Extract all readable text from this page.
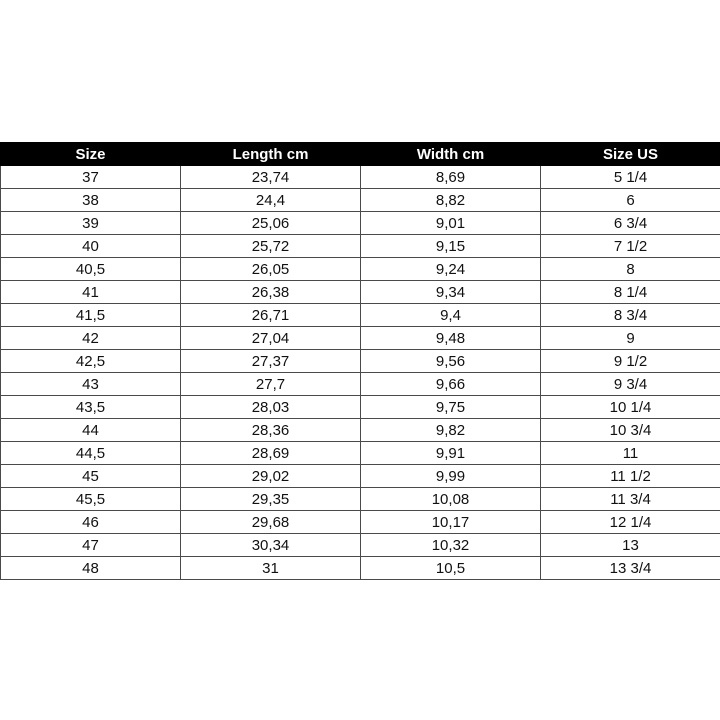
Size	Length cm	Width cm	Size US
37	23,74	8,69	5 1/4
38	24,4	8,82	6
39	25,06	9,01	6 3/4
40	25,72	9,15	7 1/2
40,5	26,05	9,24	8
41	26,38	9,34	8 1/4
41,5	26,71	9,4	8 3/4
42	27,04	9,48	9
42,5	27,37	9,56	9 1/2
43	27,7	9,66	9 3/4
43,5	28,03	9,75	10 1/4
44	28,36	9,82	10 3/4
44,5	28,69	9,91	11
45	29,02	9,99	11 1/2
45,5	29,35	10,08	11 3/4
46	29,68	10,17	12 1/4
47	30,34	10,32	13
48	31	10,5	13 3/4
